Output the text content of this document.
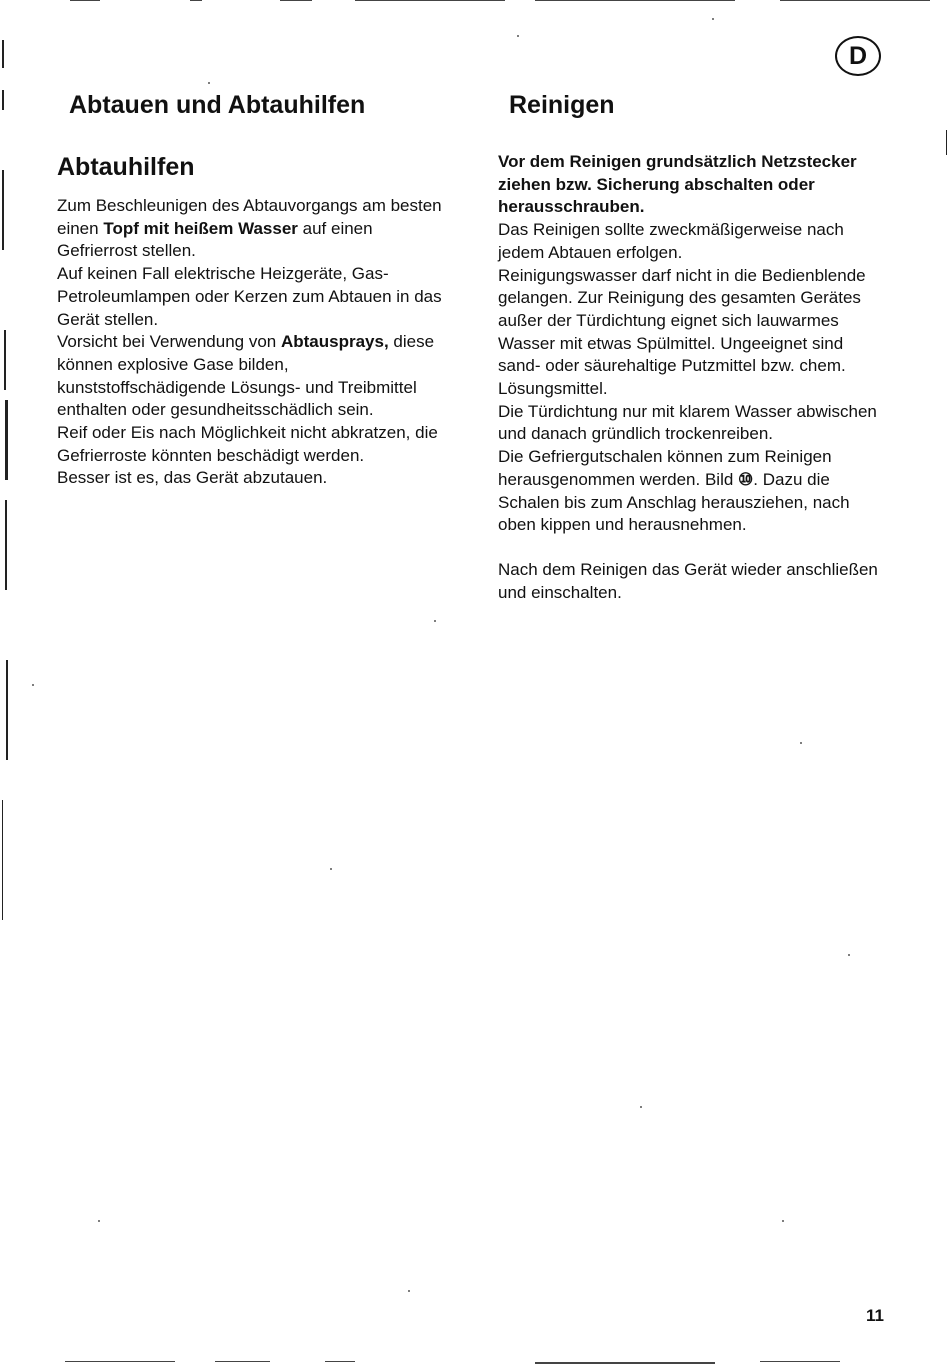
D
Abtauen und Abtauhilfen
Abtauhilfen

Zum Beschleunigen des Abtauvorgangs am besten einen Topf mit heißem Wasser auf einen Gefrierrost stellen.

Auf keinen Fall elektrische Heizgeräte, Gas-Petroleumlampen oder Kerzen zum Abtauen in das Gerät stellen.

Vorsicht bei Verwendung von Abtausprays, diese können explosive Gase bilden, kunststoffschädigende Lösungs- und Treibmittel enthalten oder gesundheitsschädlich sein.

Reif oder Eis nach Möglichkeit nicht abkratzen, die Gefrierroste könnten beschädigt werden.

Besser ist es, das Gerät abzutauen.

Reinigen

Vor dem Reinigen grundsätzlich Netzstecker ziehen bzw. Sicherung abschalten oder herausschrauben.

Das Reinigen sollte zweckmäßigerweise nach jedem Abtauen erfolgen.

Reinigungswasser darf nicht in die Bedienblende gelangen. Zur Reinigung des gesamten Gerätes außer der Türdichtung eignet sich lauwarmes Wasser mit etwas Spülmittel. Ungeeignet sind sand- oder säurehaltige Putzmittel bzw. chem. Lösungsmittel.

Die Türdichtung nur mit klarem Wasser abwischen und danach gründlich trockenreiben.

Die Gefriergutschalen können zum Reinigen herausgenommen werden. Bild ⑩. Dazu die Schalen bis zum Anschlag herausziehen, nach oben kippen und herausnehmen.

Nach dem Reinigen das Gerät wieder anschließen und einschalten.

11
